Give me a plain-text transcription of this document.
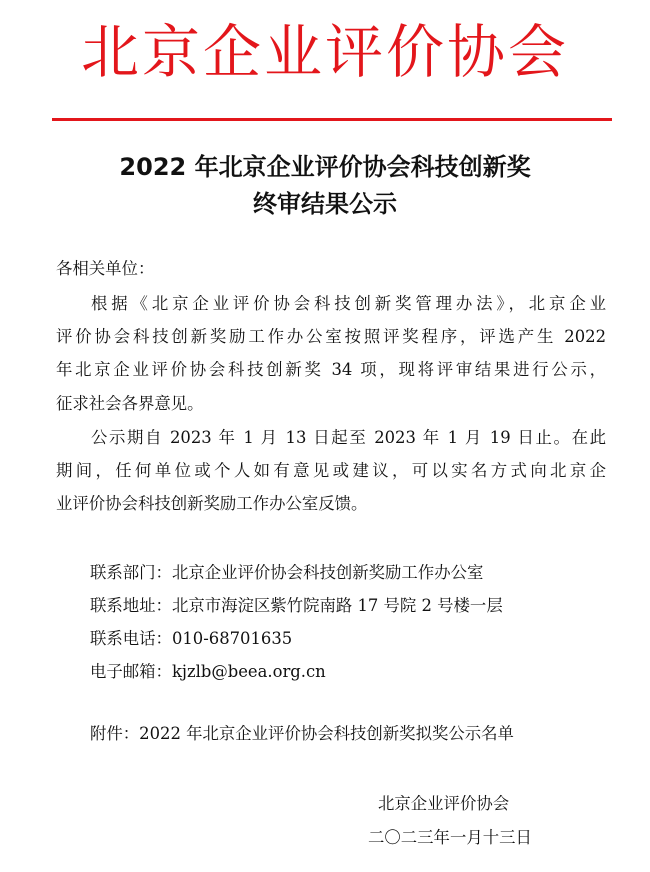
北京企业评价协会
2022 年北京企业评价协会科技创新奖
终审结果公示
各相关单位：
根据《北京企业评价协会科技创新奖管理办法》，北京企业
评价协会科技创新奖励工作办公室按照评奖程序，评选产生 2022
年北京企业评价协会科技创新奖 34 项，现将评审结果进行公示，
征求社会各界意见。
公示期自 2023 年 1 月 13 日起至 2023 年 1 月 19 日止。在此
期间，任何单位或个人如有意见或建议，可以实名方式向北京企
业评价协会科技创新奖励工作办公室反馈。
联系部门：北京企业评价协会科技创新奖励工作办公室
联系地址：北京市海淀区紫竹院南路 17 号院 2 号楼一层
联系电话：010-68701635
电子邮箱：kjzlb@beea.org.cn
附件：2022 年北京企业评价协会科技创新奖拟奖公示名单
北京企业评价协会
二〇二三年一月十三日
